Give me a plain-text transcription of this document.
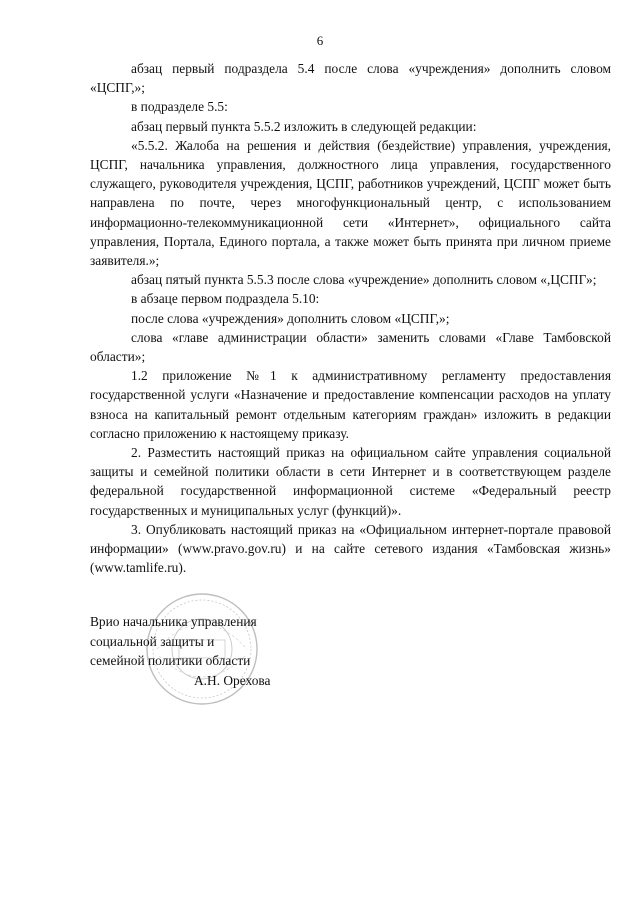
6

абзац первый подраздела 5.4 после слова «учреждения» дополнить словом «ЦСПГ,»;

в подразделе 5.5:

абзац первый пункта 5.5.2 изложить в следующей редакции:

«5.5.2. Жалоба на решения и действия (бездействие) управления, учреждения, ЦСПГ, начальника управления, должностного лица управления, государственного служащего, руководителя учреждения, ЦСПГ, работников учреждений, ЦСПГ может быть направлена по почте, через многофункциональный центр, с использованием информационно-телекоммуникационной сети «Интернет», официального сайта управления, Портала, Единого портала, а также может быть принята при личном приеме заявителя.»;

абзац пятый пункта 5.5.3 после слова «учреждение» дополнить словом «,ЦСПГ»;

в абзаце первом подраздела 5.10:

после слова «учреждения» дополнить словом «ЦСПГ,»;

слова «главе администрации области» заменить словами «Главе Тамбовской области»;

1.2 приложение №1 к административному регламенту предоставления государственной услуги «Назначение и предоставление компенсации расходов на уплату взноса на капитальный ремонт отдельным категориям граждан» изложить в редакции согласно приложению к настоящему приказу.

2. Разместить настоящий приказ на официальном сайте управления социальной защиты и семейной политики области в сети Интернет и в соответствующем разделе федеральной государственной информационной системе «Федеральный реестр государственных и муниципальных услуг (функций)».

3. Опубликовать настоящий приказ на «Официальном интернет-портале правовой информации» (www.pravo.gov.ru) и на сайте сетевого издания «Тамбовская жизнь» (www.tamlife.ru).

Врио начальника управления
социальной защиты и
семейной политики области
А.Н. Орехова
